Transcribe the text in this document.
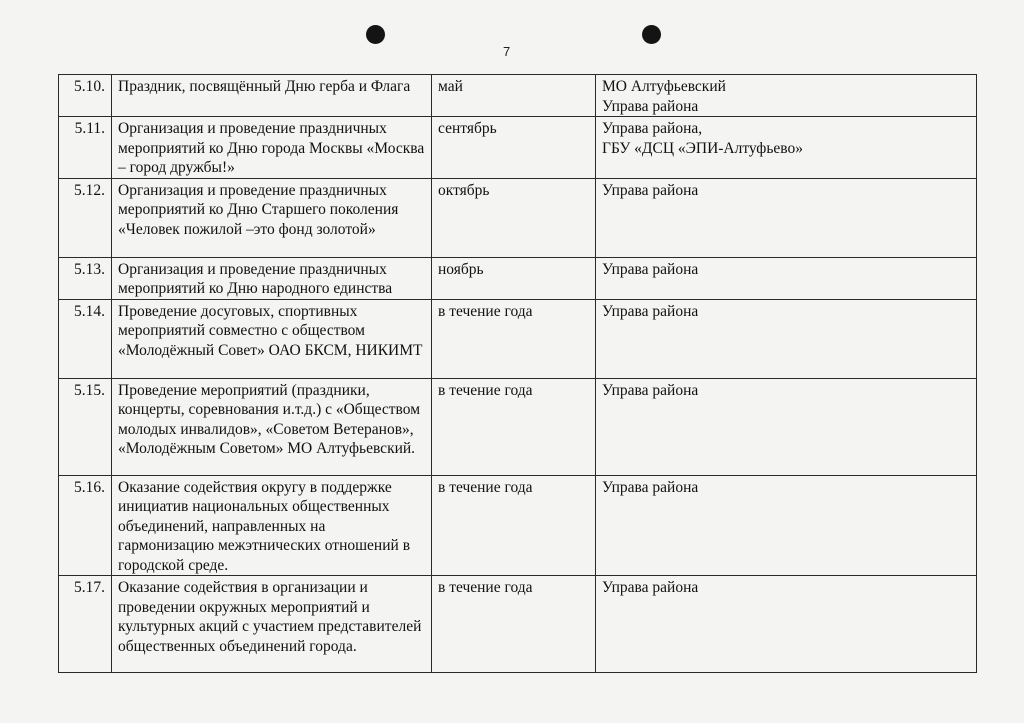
7
5.10.	Праздник, посвящённый Дню герба и Флага	май	МО Алтуфьевский
Управа района
5.11.	Организация и проведение праздничных мероприятий ко Дню города Москвы «Москва – город дружбы!»	сентябрь	Управа района,
ГБУ «ДСЦ «ЭПИ-Алтуфьево»
5.12.	Организация и проведение праздничных мероприятий ко Дню Старшего поколения «Человек пожилой –это фонд золотой»	октябрь	Управа района
5.13.	Организация и проведение праздничных мероприятий ко Дню народного единства	ноябрь	Управа района
5.14.	Проведение досуговых, спортивных мероприятий совместно с обществом «Молодёжный Совет» ОАО БКСМ, НИКИМТ	в течение года	Управа района
5.15.	Проведение мероприятий (праздники, концерты, соревнования и.т.д.) с «Обществом молодых инвалидов», «Советом Ветеранов», «Молодёжным Советом» МО Алтуфьевский.	в течение года	Управа района
5.16.	Оказание содействия округу в поддержке инициатив национальных общественных объединений, направленных на гармонизацию межэтнических отношений в городской среде.	в течение года	Управа района
5.17.	Оказание содействия в организации и проведении окружных мероприятий и культурных акций с участием представителей общественных объединений города.	в течение года	Управа района
